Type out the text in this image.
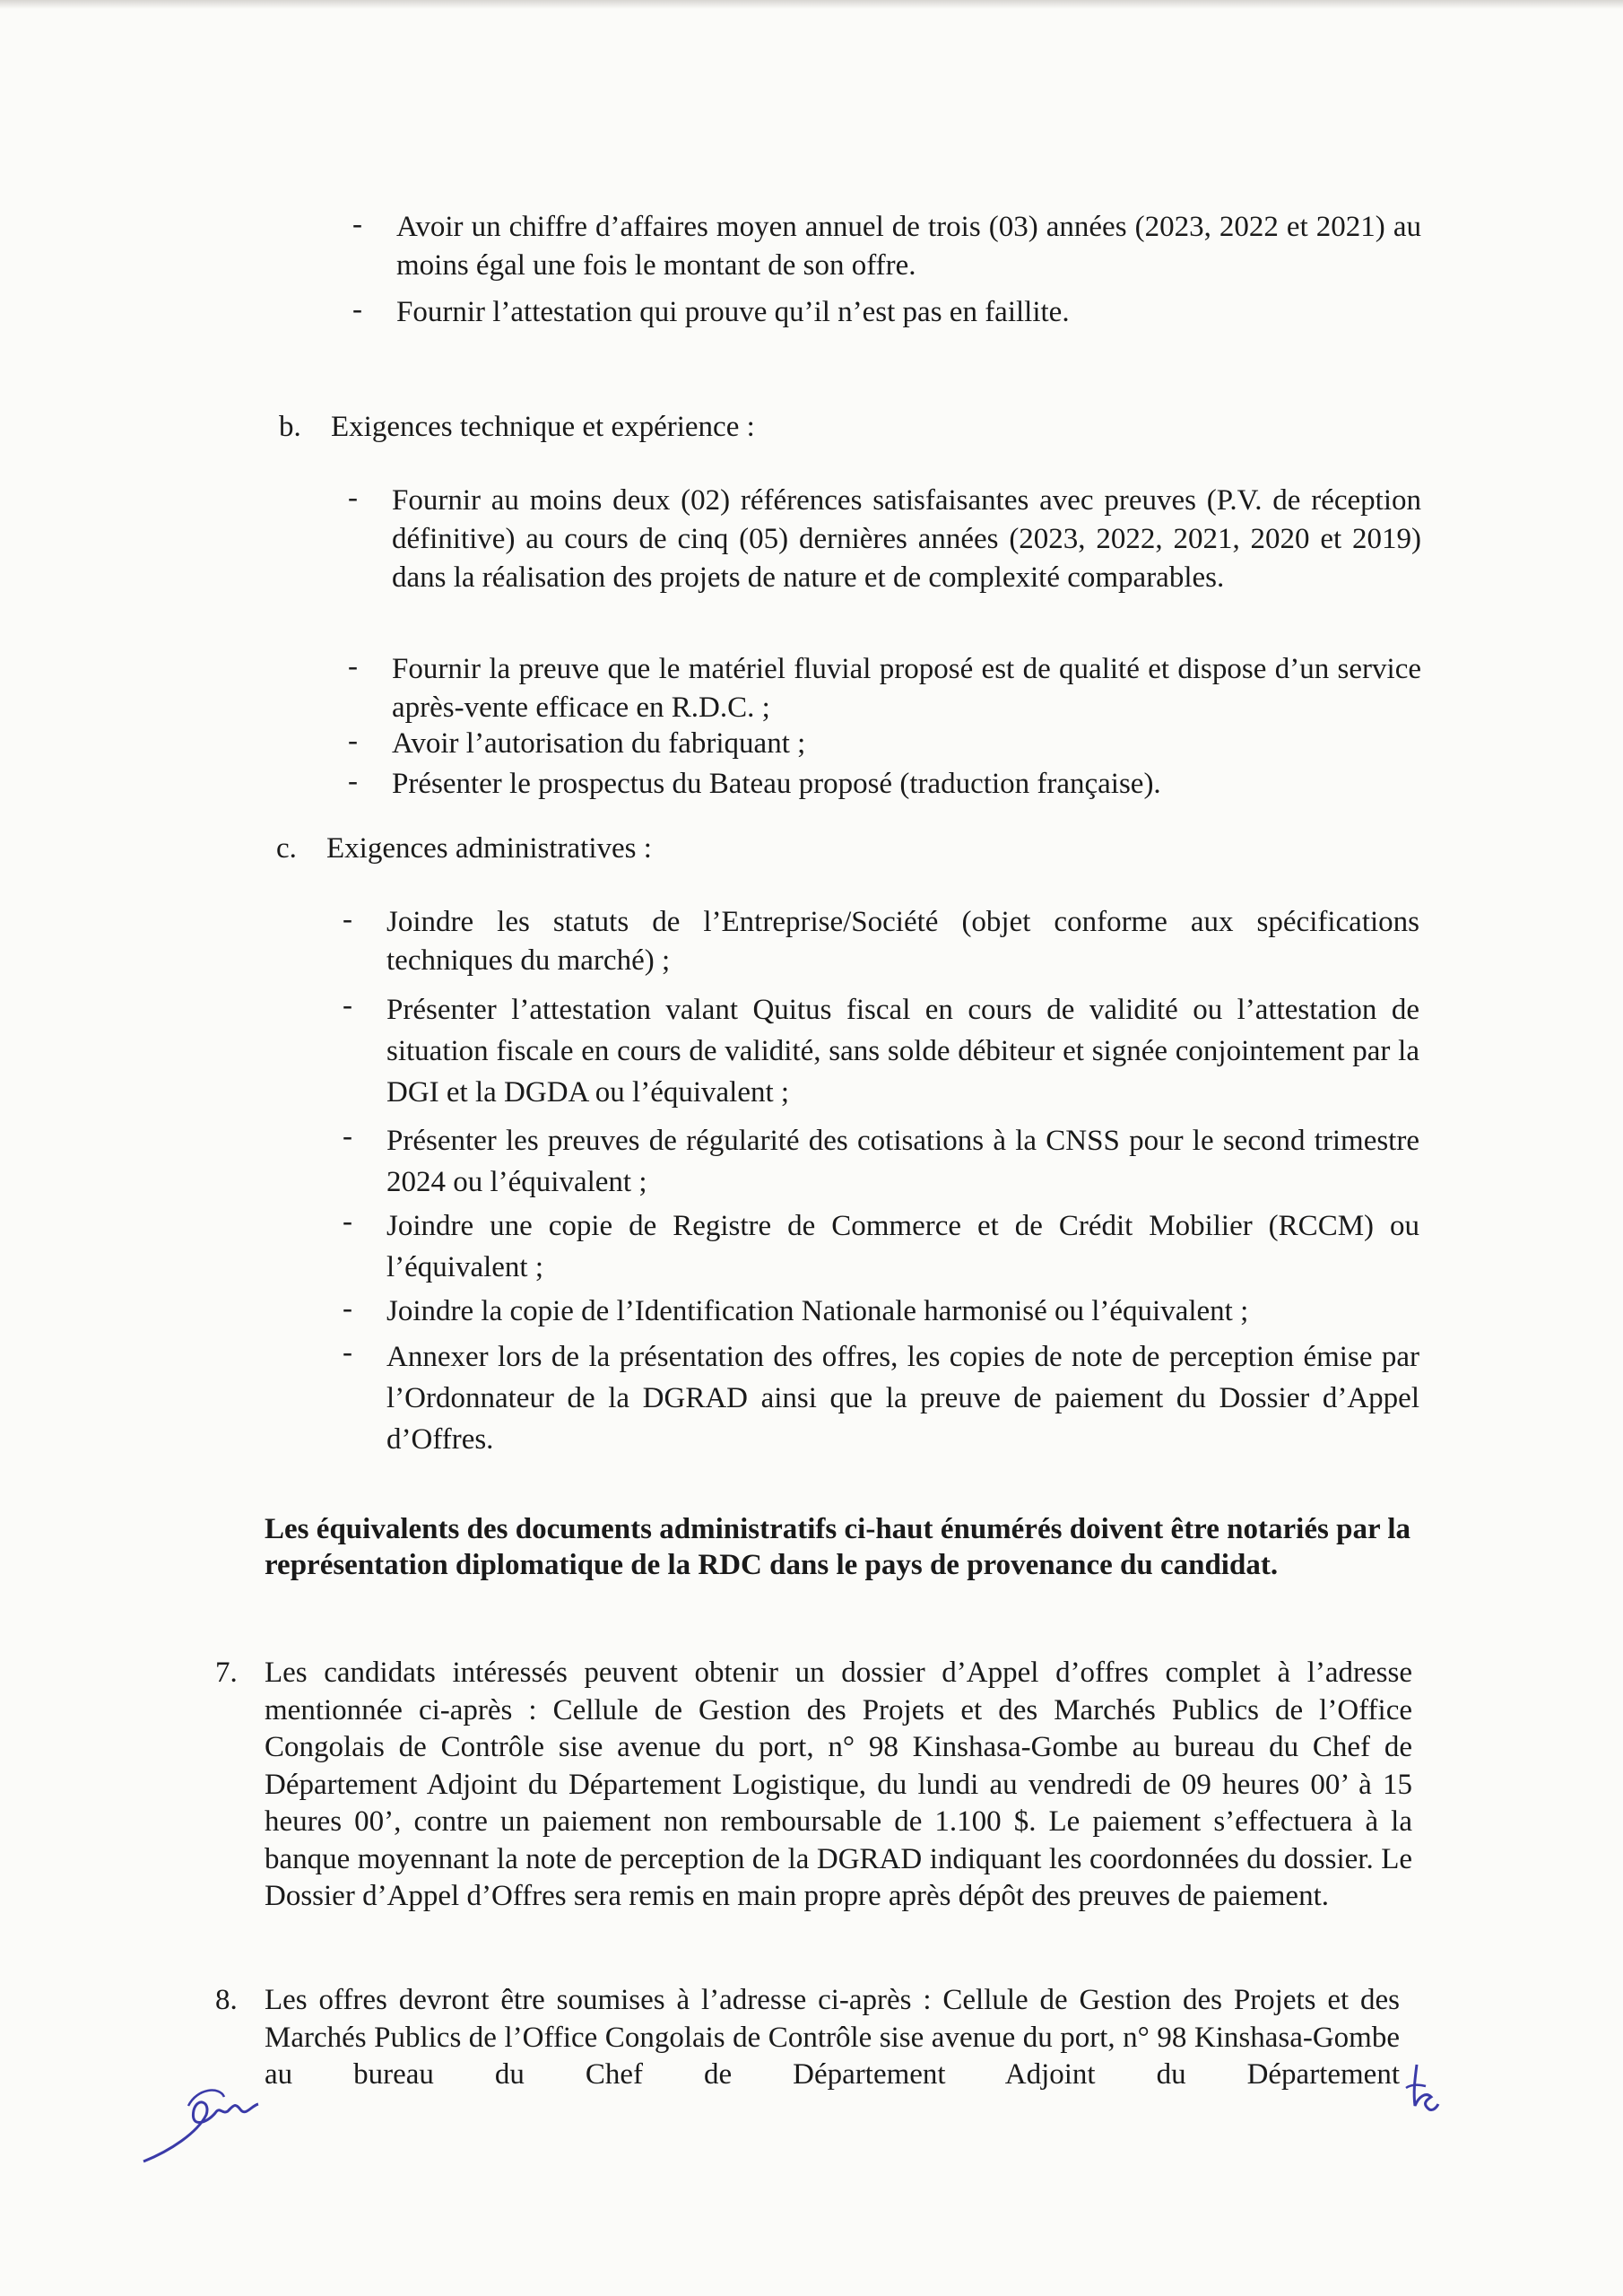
- Avoir un chiffre d’affaires moyen annuel de trois (03) années (2023, 2022 et 2021) au moins égal une fois le montant de son offre.
- Fournir l’attestation qui prouve qu’il n’est pas en faillite.
b. Exigences technique et expérience :
- Fournir au moins deux (02) références satisfaisantes avec preuves (P.V. de réception définitive) au cours de cinq (05) dernières années (2023, 2022, 2021, 2020 et 2019) dans la réalisation des projets de nature et de complexité comparables.
- Fournir la preuve que le matériel fluvial proposé est de qualité et dispose d’un service après-vente efficace en R.D.C. ;
- Avoir l’autorisation du fabriquant ;
- Présenter le prospectus du Bateau proposé (traduction française).
c. Exigences administratives :
- Joindre les statuts de l’Entreprise/Société (objet conforme aux spécifications techniques du marché) ;
- Présenter l’attestation valant Quitus fiscal en cours de validité ou l’attestation de situation fiscale en cours de validité, sans solde débiteur et signée conjointement par la DGI et la DGDA ou l’équivalent ;
- Présenter les preuves de régularité des cotisations à la CNSS pour le second trimestre 2024 ou l’équivalent ;
- Joindre une copie de Registre de Commerce et de Crédit Mobilier (RCCM) ou l’équivalent ;
- Joindre la copie de l’Identification Nationale harmonisé ou l’équivalent ;
- Annexer lors de la présentation des offres, les copies de note de perception émise par l’Ordonnateur de la DGRAD ainsi que la preuve de paiement du Dossier d’Appel d’Offres.
Les équivalents des documents administratifs ci-haut énumérés doivent être notariés par la représentation diplomatique de la RDC dans le pays de provenance du candidat.
7. Les candidats intéressés peuvent obtenir un dossier d’Appel d’offres complet à l’adresse mentionnée ci-après : Cellule de Gestion des Projets et des Marchés Publics de l’Office Congolais de Contrôle sise avenue du port, n° 98 Kinshasa-Gombe au bureau du Chef de Département Adjoint du Département Logistique, du lundi au vendredi de 09 heures 00’ à 15 heures 00’, contre un paiement non remboursable de 1.100 $. Le paiement s’effectuera à la banque moyennant la note de perception de la DGRAD indiquant les coordonnées du dossier. Le Dossier d’Appel d’Offres sera remis en main propre après dépôt des preuves de paiement.
8. Les offres devront être soumises à l’adresse ci-après : Cellule de Gestion des Projets et des Marchés Publics de l’Office Congolais de Contrôle sise avenue du port, n° 98 Kinshasa-Gombe au bureau du Chef de Département Adjoint du Département
